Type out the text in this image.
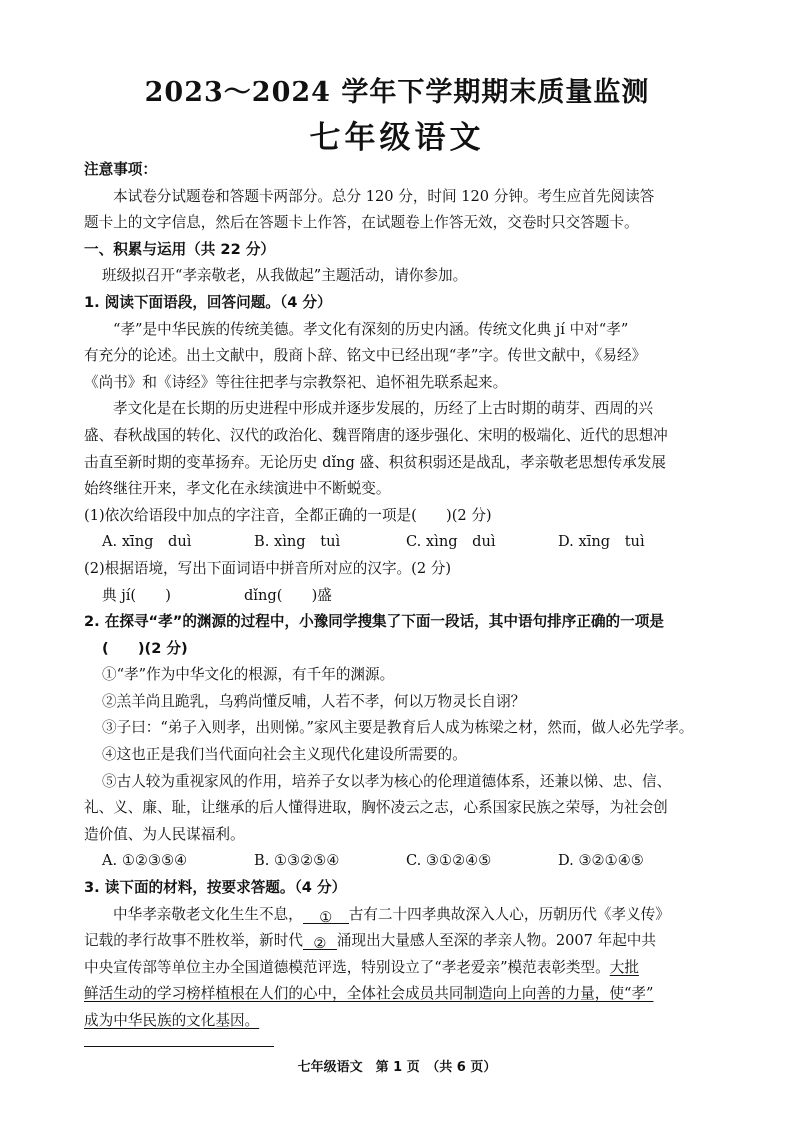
2023～2024 学年下学期期末质量监测
七年级语文
注意事项：
本试卷分试题卷和答题卡两部分。总分 120 分，时间 120 分钟。考生应首先阅读答
题卡上的文字信息，然后在答题卡上作答，在试题卷上作答无效，交卷时只交答题卡。
一、积累与运用（共 22 分）
班级拟召开“孝亲敬老，从我做起”主题活动，请你参加。
1. 阅读下面语段，回答问题。（4 分）
“孝”是中华民族的传统美德。孝文化有深刻的历史内涵。传统文化典 jí 中对“孝”
有充分的论述。出土文献中，殷商卜辞、铭文中已经出现“孝”字。传世文献中，《易经》
《尚书》和《诗经》等往往把孝与宗教祭祀、追怀祖先联系起来。
孝文化是在长期的历史进程中形成并逐步发展的，历经了上古时期的萌芽、西周的兴
盛、春秋战国的转化、汉代的政治化、魏晋隋唐的逐步强化、宋明的极端化、近代的思想冲
击直至新时期的变革扬弃。无论历史 dǐng 盛、积贫积弱还是战乱，孝亲敬老思想传承发展
始终继往开来，孝文化在永续演进中不断蜕变。
(1)依次给语段中加点的字注音，全都正确的一项是(　　)(2 分)
A. xīng　duì	B. xìng　tuì	C. xìng　duì	D. xīng　tuì
(2)根据语境，写出下面词语中拼音所对应的汉字。(2 分)
典 jí(　　)　　　　　dǐng(　　)盛
2. 在探寻“孝”的渊源的过程中，小豫同学搜集了下面一段话，其中语句排序正确的一项是
(　　)(2 分)
①“孝”作为中华文化的根源，有千年的渊源。
②羔羊尚且跪乳，乌鸦尚懂反哺，人若不孝，何以万物灵长自诩？
③子曰：“弟子入则孝，出则悌。”家风主要是教育后人成为栋梁之材，然而，做人必先学孝。
④这也正是我们当代面向社会主义现代化建设所需要的。
⑤古人较为重视家风的作用，培养子女以孝为核心的伦理道德体系，还兼以悌、忠、信、
礼、义、廉、耻，让继承的后人懂得进取，胸怀凌云之志，心系国家民族之荣辱，为社会创
造价值、为人民谋福利。
A. ①②③⑤④	B. ①③②⑤④	C. ③①②④⑤	D. ③②①④⑤
3. 读下面的材料，按要求答题。（4 分）
中华孝亲敬老文化生生不息， ① 古有二十四孝典故深入人心，历朝历代《孝义传》
记载的孝行故事不胜枚举，新时代 ② 涌现出大量感人至深的孝亲人物。2007 年起中共
中央宣传部等单位主办全国道德模范评选，特别设立了“孝老爱亲”模范表彰类型。大批
鲜活生动的学习榜样植根在人们的心中，全体社会成员共同制造向上向善的力量，使“孝”
成为中华民族的文化基因。
七年级语文　第 1 页　（共 6 页）
